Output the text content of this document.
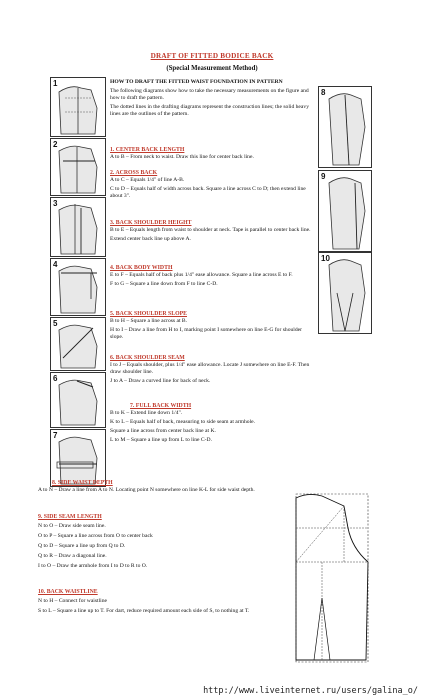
DRAFT OF FITTED BODICE BACK
(Special Measurement Method)
1
2
3
4
5
6
7
8
9
10
HOW TO DRAFT THE FITTED WAIST FOUNDATION IN PATTERN
The following diagrams show how to take the necessary measurements on the figure and how to draft the pattern.
The dotted lines in the drafting diagrams represent the construction lines; the solid heavy lines are the outlines of the pattern.
1. CENTER BACK LENGTH
A to B – From neck to waist. Draw this line for center back line.
2. ACROSS BACK
A to C – Equals 1/4" of line A-B.
C to D – Equals half of width across back. Square a line across C to D; then extend line about 3".
3. BACK SHOULDER HEIGHT
B to E – Equals length from waist to shoulder at neck. Tape is parallel to center back line.
Extend center back line up above A.
4. BACK BODY WIDTH
E to F – Equals half of back plus 1/4" ease allowance. Square a line across E to F.
F to G – Square a line down from F to line C-D.
5. BACK SHOULDER SLOPE
B to H – Square a line across at B.
H to I – Draw a line from H to I, marking point I somewhere on line E-G for shoulder slope.
6. BACK SHOULDER SEAM
I to J – Equals shoulder, plus 1/4" ease allowance. Locate J somewhere on line E-F. Then draw shoulder line.
J to A – Draw a curved line for back of neck.
7. FULL BACK WIDTH
B to K – Extend line down 1/4".
K to L – Equals half of back, measuring to side seam at armhole.
Square a line across from center back line at K.
L to M – Square a line up from L to line C-D.
8. SIDE WAIST DEPTH
A to N – Draw a line from A to N. Locating point N somewhere on line K-L for side waist depth.
9. SIDE SEAM LENGTH
N to O – Draw side seam line.
O to P – Square a line across from O to center back
Q to D – Square a line up from Q to D.
Q to R – Draw a diagonal line.
I to O – Draw the armhole from I to D to R to O.
10. BACK WAISTLINE
N to H – Connect for waistline
S to L – Square a line up to T. For dart, reduce required amount each side of S, to nothing at T.
http://www.liveinternet.ru/users/galina_o/
